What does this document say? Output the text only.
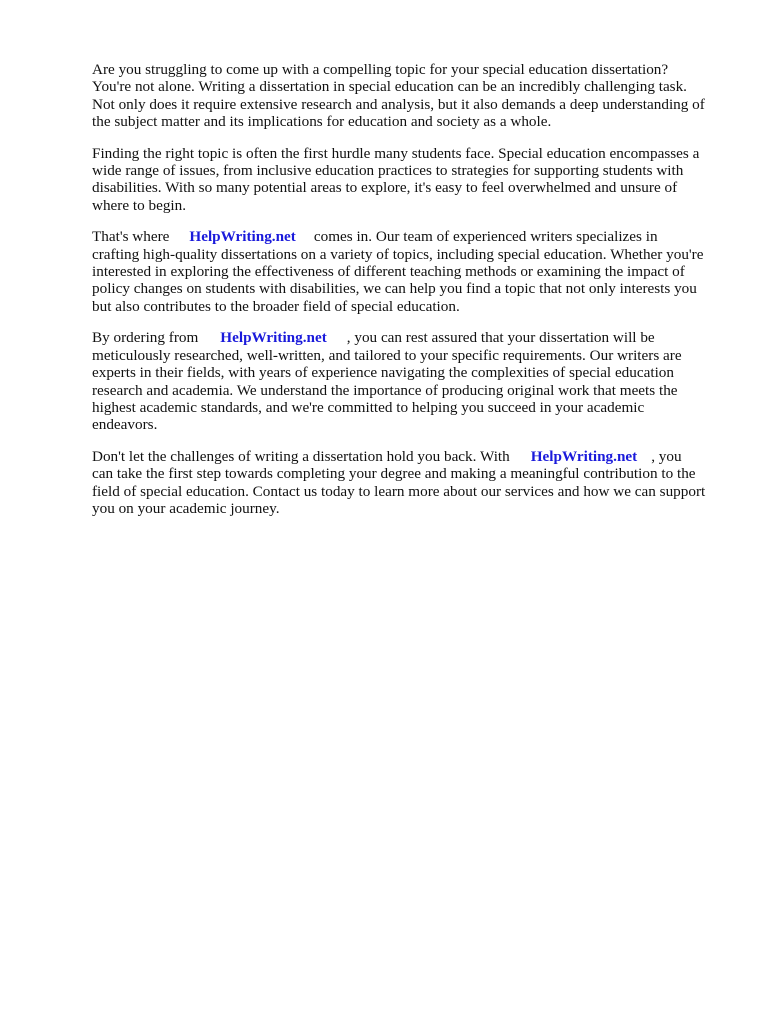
Are you struggling to come up with a compelling topic for your special education dissertation?
You're not alone. Writing a dissertation in special education can be an incredibly challenging task.
Not only does it require extensive research and analysis, but it also demands a deep understanding of
the subject matter and its implications for education and society as a whole.

Finding the right topic is often the first hurdle many students face. Special education encompasses a
wide range of issues, from inclusive education practices to strategies for supporting students with
disabilities. With so many potential areas to explore, it's easy to feel overwhelmed and unsure of
where to begin.

That's where HelpWriting.net comes in. Our team of experienced writers specializes in
crafting high-quality dissertations on a variety of topics, including special education. Whether you're
interested in exploring the effectiveness of different teaching methods or examining the impact of
policy changes on students with disabilities, we can help you find a topic that not only interests you
but also contributes to the broader field of special education.

By ordering from HelpWriting.net , you can rest assured that your dissertation will be
meticulously researched, well-written, and tailored to your specific requirements. Our writers are
experts in their fields, with years of experience navigating the complexities of special education
research and academia. We understand the importance of producing original work that meets the
highest academic standards, and we're committed to helping you succeed in your academic
endeavors.

Don't let the challenges of writing a dissertation hold you back. With HelpWriting.net , you
can take the first step towards completing your degree and making a meaningful contribution to the
field of special education. Contact us today to learn more about our services and how we can support
you on your academic journey.
